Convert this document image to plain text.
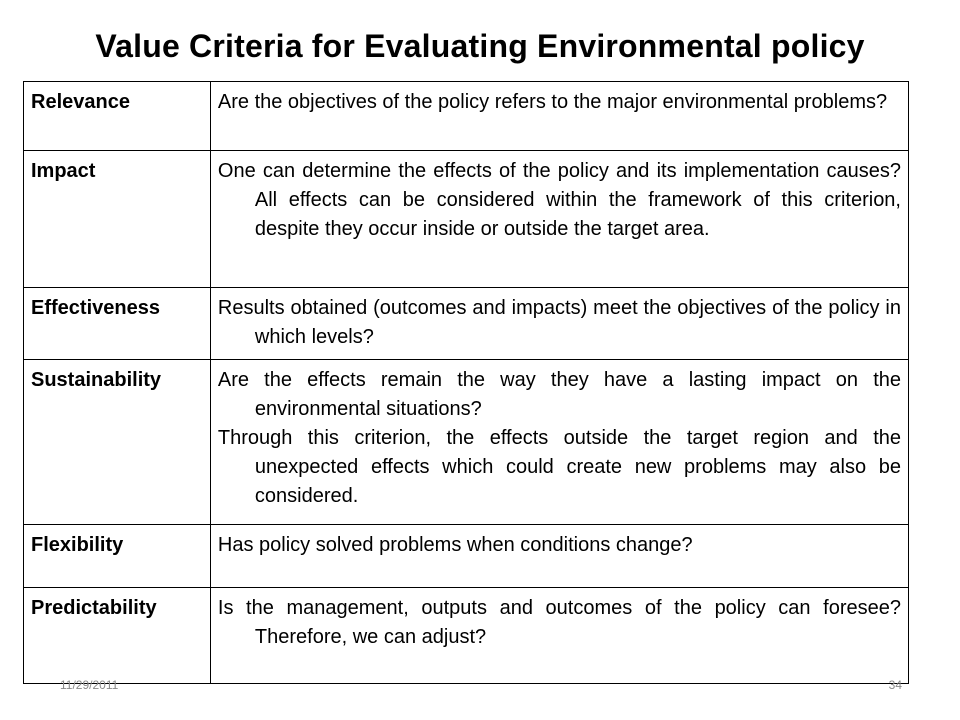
Value Criteria for Evaluating Environmental policy
Relevance	Are the objectives of the policy refers to the major environmental problems?

Impact	One can determine the effects of the policy and its implementation causes? All effects can be considered within the framework of this criterion, despite they occur inside or outside the target area.

Effectiveness	Results obtained (outcomes and impacts) meet the objectives of the policy in which levels?

Sustainability	Are the effects remain the way they have a lasting impact on the environmental situations?
Through this criterion, the effects outside the target region and the unexpected effects which could create new problems may also be considered.

Flexibility	Has policy solved problems when conditions change?

Predictability	Is the management, outputs and outcomes of the policy can foresee? Therefore, we can adjust?
11/29/2011	34
